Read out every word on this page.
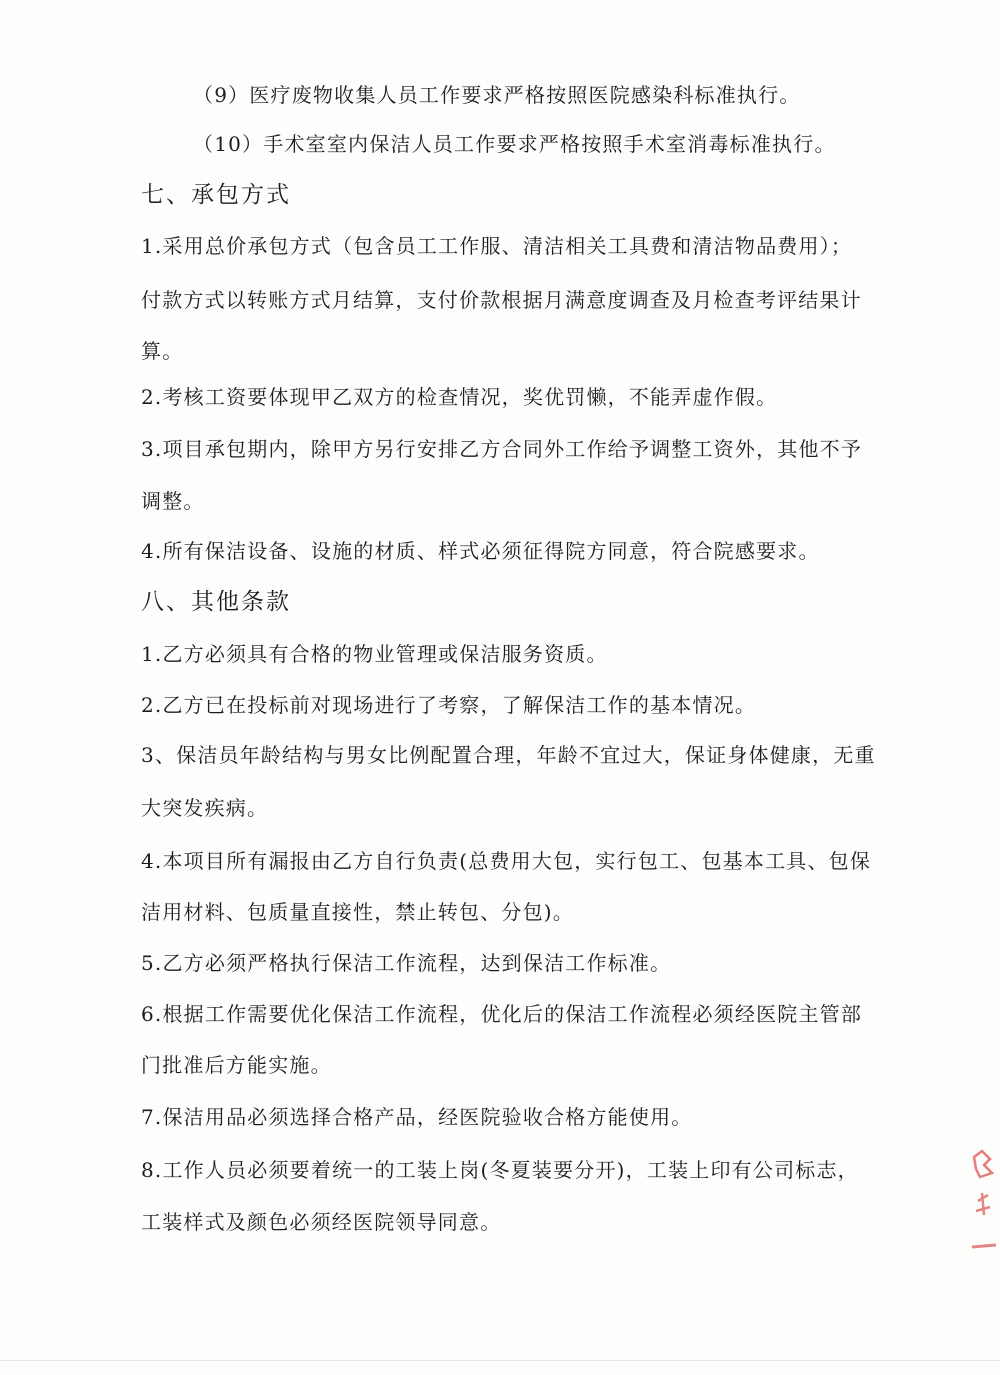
（9）医疗废物收集人员工作要求严格按照医院感染科标准执行。
（10）手术室室内保洁人员工作要求严格按照手术室消毒标准执行。
七、承包方式
1.采用总价承包方式（包含员工工作服、清洁相关工具费和清洁物品费用）；
付款方式以转账方式月结算，支付价款根据月满意度调查及月检查考评结果计
算。
2.考核工资要体现甲乙双方的检查情况，奖优罚懒，不能弄虚作假。
3.项目承包期内，除甲方另行安排乙方合同外工作给予调整工资外，其他不予
调整。
4.所有保洁设备、设施的材质、样式必须征得院方同意，符合院感要求。
八、其他条款
1.乙方必须具有合格的物业管理或保洁服务资质。
2.乙方已在投标前对现场进行了考察，了解保洁工作的基本情况。
3、保洁员年龄结构与男女比例配置合理，年龄不宜过大，保证身体健康，无重
大突发疾病。
4.本项目所有漏报由乙方自行负责(总费用大包，实行包工、包基本工具、包保
洁用材料、包质量直接性，禁止转包、分包)。
5.乙方必须严格执行保洁工作流程，达到保洁工作标准。
6.根据工作需要优化保洁工作流程，优化后的保洁工作流程必须经医院主管部
门批准后方能实施。
7.保洁用品必须选择合格产品，经医院验收合格方能使用。
8.工作人员必须要着统一的工装上岗(冬夏装要分开)，工装上印有公司标志，
工装样式及颜色必须经医院领导同意。
